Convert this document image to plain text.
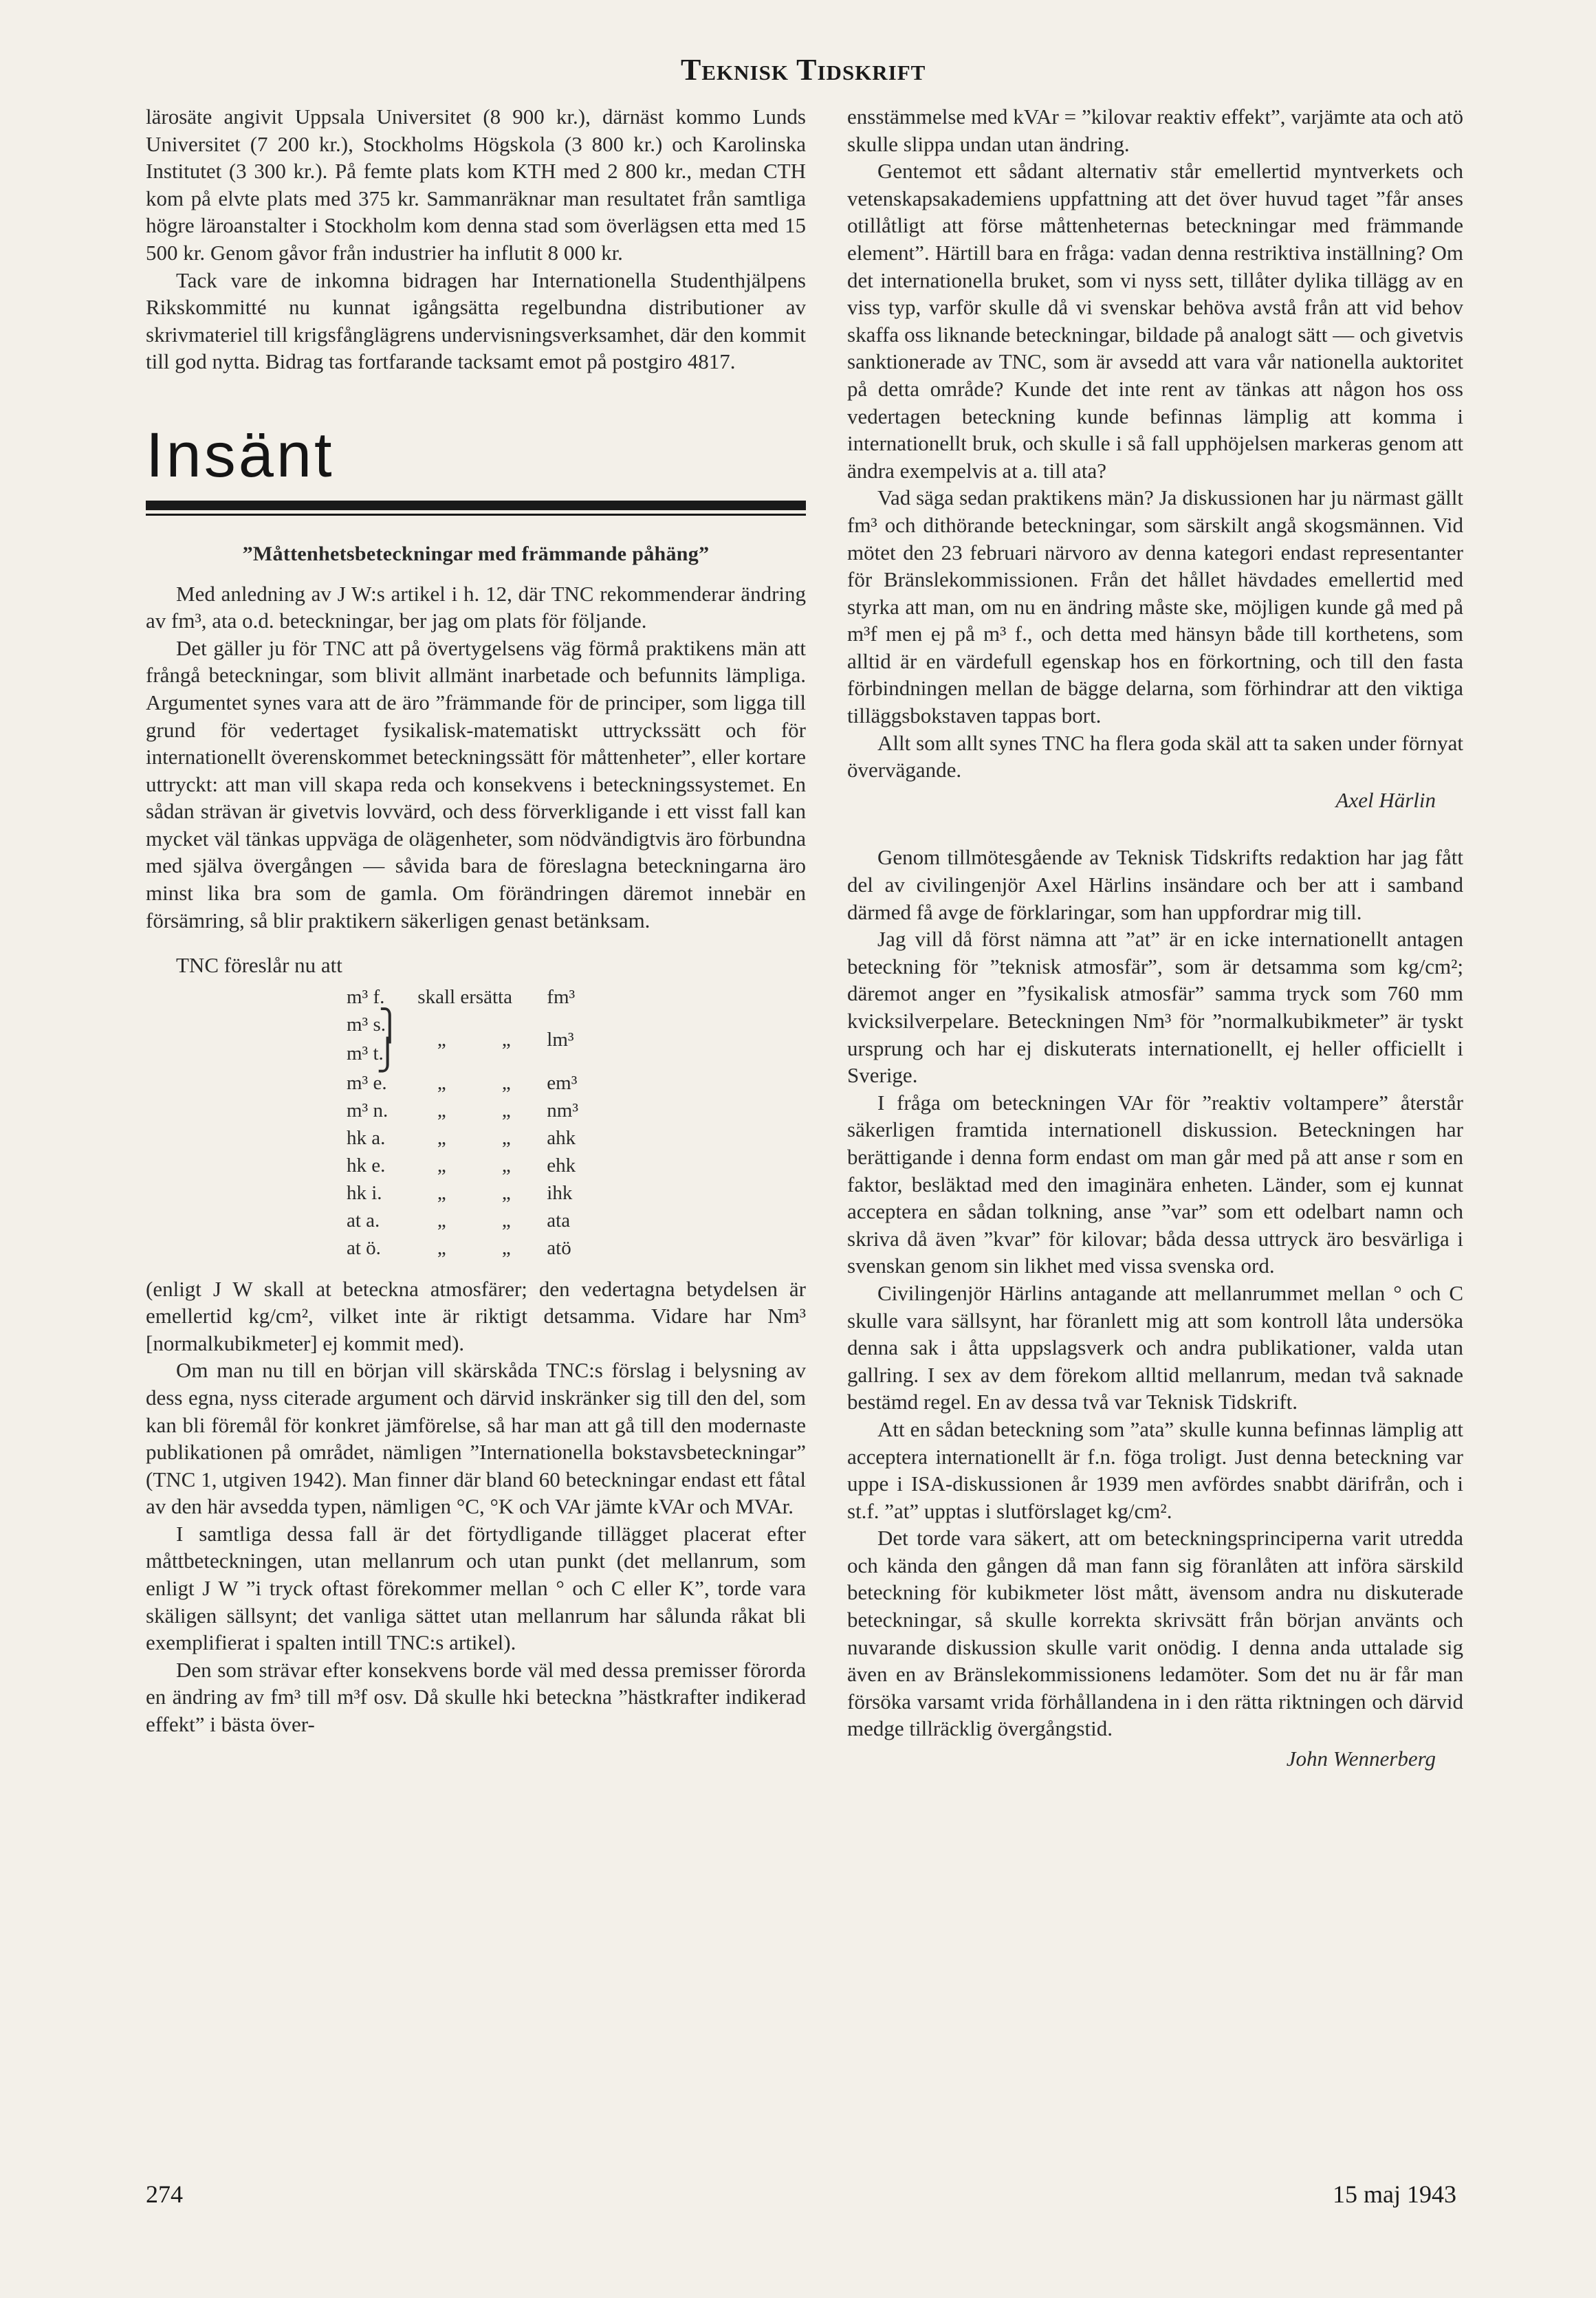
Teknisk Tidskrift

lärosäte angivit Uppsala Universitet (8 900 kr.), därnäst kommo Lunds Universitet (7 200 kr.), Stockholms Högskola (3 800 kr.) och Karolinska Institutet (3 300 kr.). På femte plats kom KTH med 2 800 kr., medan CTH kom på elvte plats med 375 kr. Sammanräknar man resultatet från samtliga högre läroanstalter i Stockholm kom denna stad som överlägsen etta med 15 500 kr. Genom gåvor från industrier ha influtit 8 000 kr.

Tack vare de inkomna bidragen har Internationella Studenthjälpens Rikskommitté nu kunnat igångsätta regelbundna distributioner av skrivmateriel till krigsfånglägrens undervisningsverksamhet, där den kommit till god nytta. Bidrag tas fortfarande tacksamt emot på postgiro 4817.

Insänt
”Måttenhetsbeteckningar med främmande påhäng”

Med anledning av J W:s artikel i h. 12, där TNC rekommenderar ändring av fm³, ata o.d. beteckningar, ber jag om plats för följande.

Det gäller ju för TNC att på övertygelsens väg förmå praktikens män att frångå beteckningar, som blivit allmänt inarbetade och befunnits lämpliga. Argumentet synes vara att de äro ”främmande för de principer, som ligga till grund för vedertaget fysikalisk-matematiskt uttryckssätt och för internationellt överenskommet beteckningssätt för måttenheter”, eller kortare uttryckt: att man vill skapa reda och konsekvens i beteckningssystemet. En sådan strävan är givetvis lovvärd, och dess förverkligande i ett visst fall kan mycket väl tänkas uppväga de olägenheter, som nödvändigtvis äro förbundna med själva övergången — såvida bara de föreslagna beteckningarna äro minst lika bra som de gamla. Om förändringen däremot innebär en försämring, så blir praktikern säkerligen genast betänksam.

TNC föreslår nu att
m³ f.	skall ersätta		fm³
m³ s. ⎫	„	„	lm³
m³ t. ⎭			
m³ e.	„	„	em³
m³ n.	„	„	nm³
hk a.	„	„	ahk
hk e.	„	„	ehk
hk i.	„	„	ihk
at a.	„	„	ata
at ö.	„	„	atö

(enligt J W skall at beteckna atmosfärer; den vedertagna betydelsen är emellertid kg/cm², vilket inte är riktigt detsamma. Vidare har Nm³ [normalkubikmeter] ej kommit med).

Om man nu till en början vill skärskåda TNC:s förslag i belysning av dess egna, nyss citerade argument och därvid inskränker sig till den del, som kan bli föremål för konkret jämförelse, så har man att gå till den modernaste publikationen på området, nämligen ”Internationella bokstavsbeteckningar” (TNC 1, utgiven 1942). Man finner där bland 60 beteckningar endast ett fåtal av den här avsedda typen, nämligen °C, °K och VAr jämte kVAr och MVAr.

I samtliga dessa fall är det förtydligande tillägget placerat efter måttbeteckningen, utan mellanrum och utan punkt (det mellanrum, som enligt J W ”i tryck oftast förekommer mellan ° och C eller K”, torde vara skäligen sällsynt; det vanliga sättet utan mellanrum har sålunda råkat bli exemplifierat i spalten intill TNC:s artikel).

Den som strävar efter konsekvens borde väl med dessa premisser förorda en ändring av fm³ till m³f osv. Då skulle hki beteckna ”hästkrafter indikerad effekt” i bästa över-

ensstämmelse med kVAr = ”kilovar reaktiv effekt”, varjämte ata och atö skulle slippa undan utan ändring.

Gentemot ett sådant alternativ står emellertid myntverkets och vetenskapsakademiens uppfattning att det över huvud taget ”får anses otillåtligt att förse måttenheternas beteckningar med främmande element”. Härtill bara en fråga: vadan denna restriktiva inställning? Om det internationella bruket, som vi nyss sett, tillåter dylika tillägg av en viss typ, varför skulle då vi svenskar behöva avstå från att vid behov skaffa oss liknande beteckningar, bildade på analogt sätt — och givetvis sanktionerade av TNC, som är avsedd att vara vår nationella auktoritet på detta område? Kunde det inte rent av tänkas att någon hos oss vedertagen beteckning kunde befinnas lämplig att komma i internationellt bruk, och skulle i så fall upphöjelsen markeras genom att ändra exempelvis at a. till ata?

Vad säga sedan praktikens män? Ja diskussionen har ju närmast gällt fm³ och dithörande beteckningar, som särskilt angå skogsmännen. Vid mötet den 23 februari närvoro av denna kategori endast representanter för Bränslekommissionen. Från det hållet hävdades emellertid med styrka att man, om nu en ändring måste ske, möjligen kunde gå med på m³f men ej på m³ f., och detta med hänsyn både till korthetens, som alltid är en värdefull egenskap hos en förkortning, och till den fasta förbindningen mellan de bägge delarna, som förhindrar att den viktiga tilläggsbokstaven tappas bort.

Allt som allt synes TNC ha flera goda skäl att ta saken under förnyat övervägande.

Axel Härlin

Genom tillmötesgående av Teknisk Tidskrifts redaktion har jag fått del av civilingenjör Axel Härlins insändare och ber att i samband därmed få avge de förklaringar, som han uppfordrar mig till.

Jag vill då först nämna att ”at” är en icke internationellt antagen beteckning för ”teknisk atmosfär”, som är detsamma som kg/cm²; däremot anger en ”fysikalisk atmosfär” samma tryck som 760 mm kvicksilverpelare. Beteckningen Nm³ för ”normalkubikmeter” är tyskt ursprung och har ej diskuterats internationellt, ej heller officiellt i Sverige.

I fråga om beteckningen VAr för ”reaktiv voltampere” återstår säkerligen framtida internationell diskussion. Beteckningen har berättigande i denna form endast om man går med på att anse r som en faktor, besläktad med den imaginära enheten. Länder, som ej kunnat acceptera en sådan tolkning, anse ”var” som ett odelbart namn och skriva då även ”kvar” för kilovar; båda dessa uttryck äro besvärliga i svenskan genom sin likhet med vissa svenska ord.

Civilingenjör Härlins antagande att mellanrummet mellan ° och C skulle vara sällsynt, har föranlett mig att som kontroll låta undersöka denna sak i åtta uppslagsverk och andra publikationer, valda utan gallring. I sex av dem förekom alltid mellanrum, medan två saknade bestämd regel. En av dessa två var Teknisk Tidskrift.

Att en sådan beteckning som ”ata” skulle kunna befinnas lämplig att acceptera internationellt är f.n. föga troligt. Just denna beteckning var uppe i ISA-diskussionen år 1939 men avfördes snabbt därifrån, och i st.f. ”at” upptas i slutförslaget kg/cm².

Det torde vara säkert, att om beteckningsprinciperna varit utredda och kända den gången då man fann sig föranlåten att införa särskild beteckning för kubikmeter löst mått, ävensom andra nu diskuterade beteckningar, så skulle korrekta skrivsätt från början använts och nuvarande diskussion skulle varit onödig. I denna anda uttalade sig även en av Bränslekommissionens ledamöter. Som det nu är får man försöka varsamt vrida förhållandena in i den rätta riktningen och därvid medge tillräcklig övergångstid.

John Wennerberg
274	15 maj 1943
